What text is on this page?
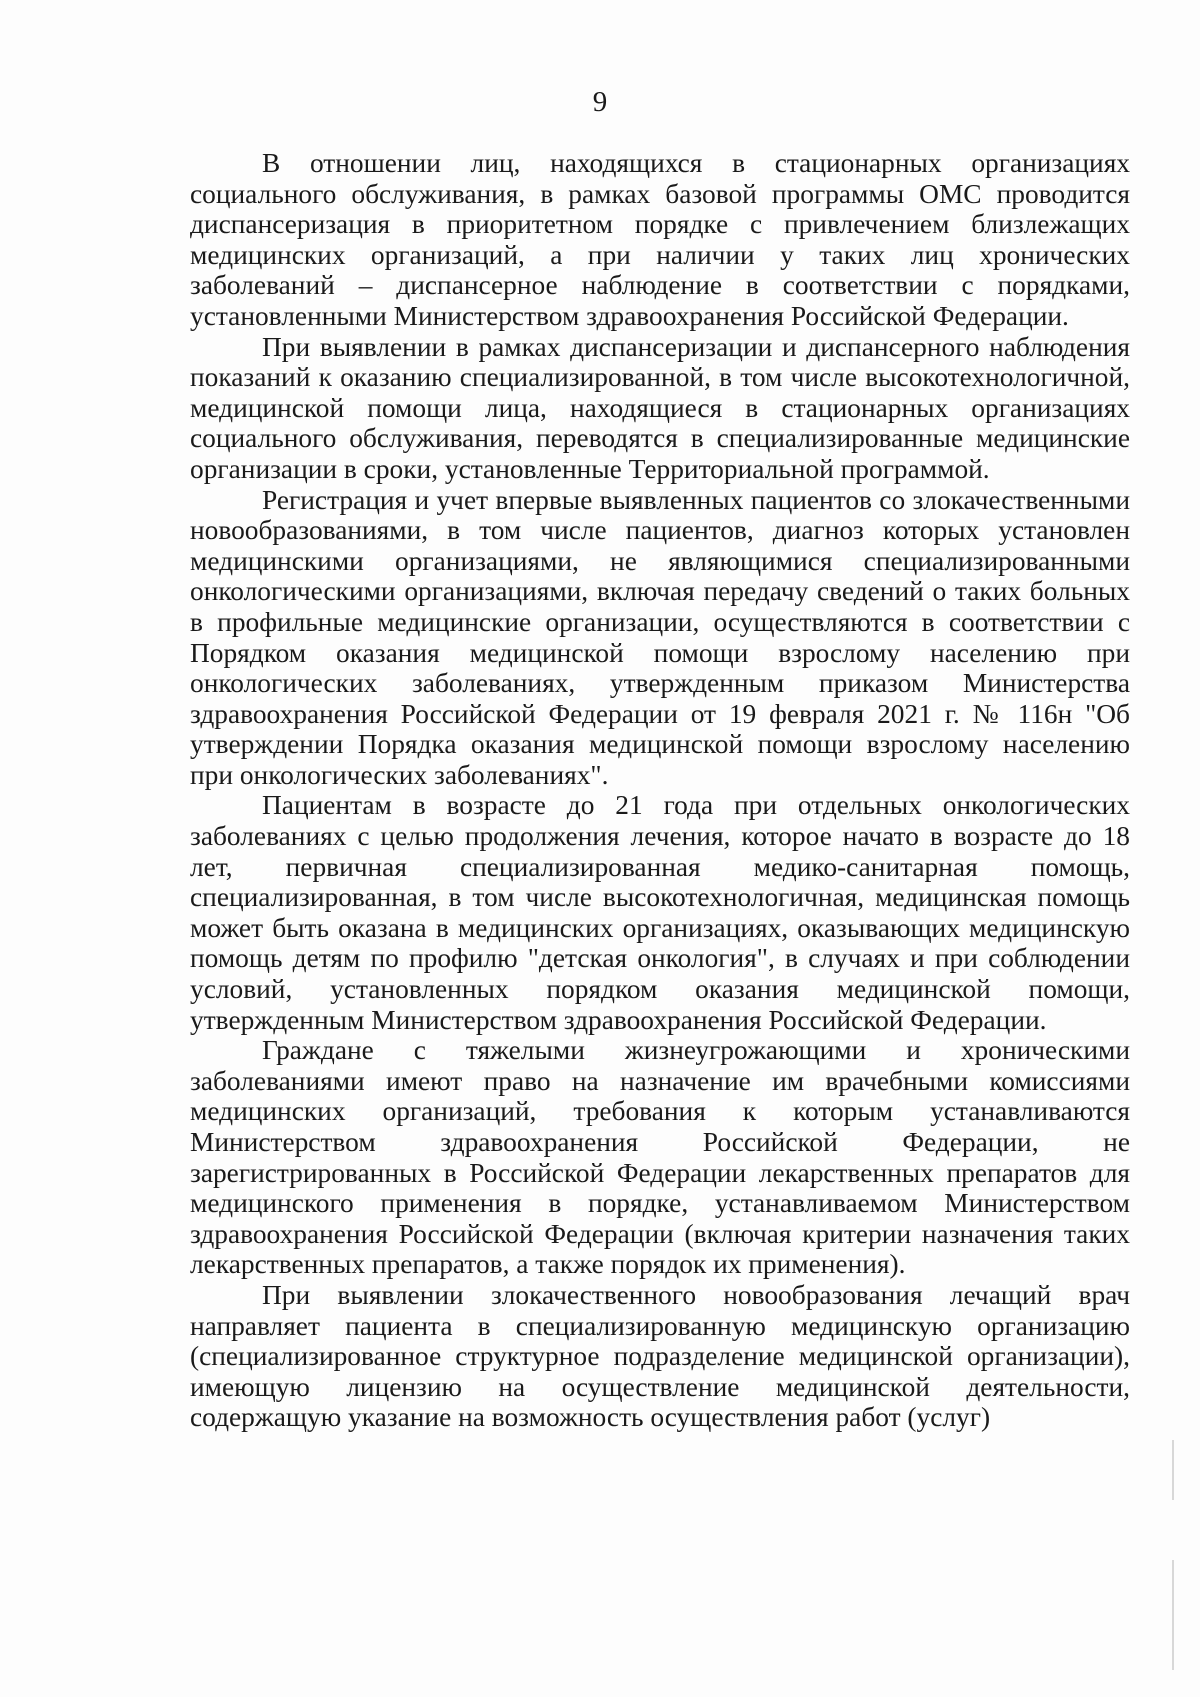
9

В отношении лиц, находящихся в стационарных организациях социального обслуживания, в рамках базовой программы ОМС проводится диспансеризация в приоритетном порядке с привлечением близлежащих медицинских организаций, а при наличии у таких лиц хронических заболеваний – диспансерное наблюдение в соответствии с порядками, установленными Министерством здравоохранения Российской Федерации.

При выявлении в рамках диспансеризации и диспансерного наблюдения показаний к оказанию специализированной, в том числе высокотехнологичной, медицинской помощи лица, находящиеся в стационарных организациях социального обслуживания, переводятся в специализированные медицинские организации в сроки, установленные Территориальной программой.

Регистрация и учет впервые выявленных пациентов со злокачественными новообразованиями, в том числе пациентов, диагноз которых установлен медицинскими организациями, не являющимися специализированными онкологическими организациями, включая передачу сведений о таких больных в профильные медицинские организации, осуществляются в соответствии с Порядком оказания медицинской помощи взрослому населению при онкологических заболеваниях, утвержденным приказом Министерства здравоохранения Российской Федерации от 19 февраля 2021 г. № 116н "Об утверждении Порядка оказания медицинской помощи взрослому населению при онкологических заболеваниях".

Пациентам в возрасте до 21 года при отдельных онкологических заболеваниях с целью продолжения лечения, которое начато в возрасте до 18 лет, первичная специализированная медико-санитарная помощь, специализированная, в том числе высокотехнологичная, медицинская помощь может быть оказана в медицинских организациях, оказывающих медицинскую помощь детям по профилю "детская онкология", в случаях и при соблюдении условий, установленных порядком оказания медицинской помощи, утвержденным Министерством здравоохранения Российской Федерации.

Граждане с тяжелыми жизнеугрожающими и хроническими заболеваниями имеют право на назначение им врачебными комиссиями медицинских организаций, требования к которым устанавливаются Министерством здравоохранения Российской Федерации, не зарегистрированных в Российской Федерации лекарственных препаратов для медицинского применения в порядке, устанавливаемом Министерством здравоохранения Российской Федерации (включая критерии назначения таких лекарственных препаратов, а также порядок их применения).

При выявлении злокачественного новообразования лечащий врач направляет пациента в специализированную медицинскую организацию (специализированное структурное подразделение медицинской организации), имеющую лицензию на осуществление медицинской деятельности, содержащую указание на возможность осуществления работ (услуг)
